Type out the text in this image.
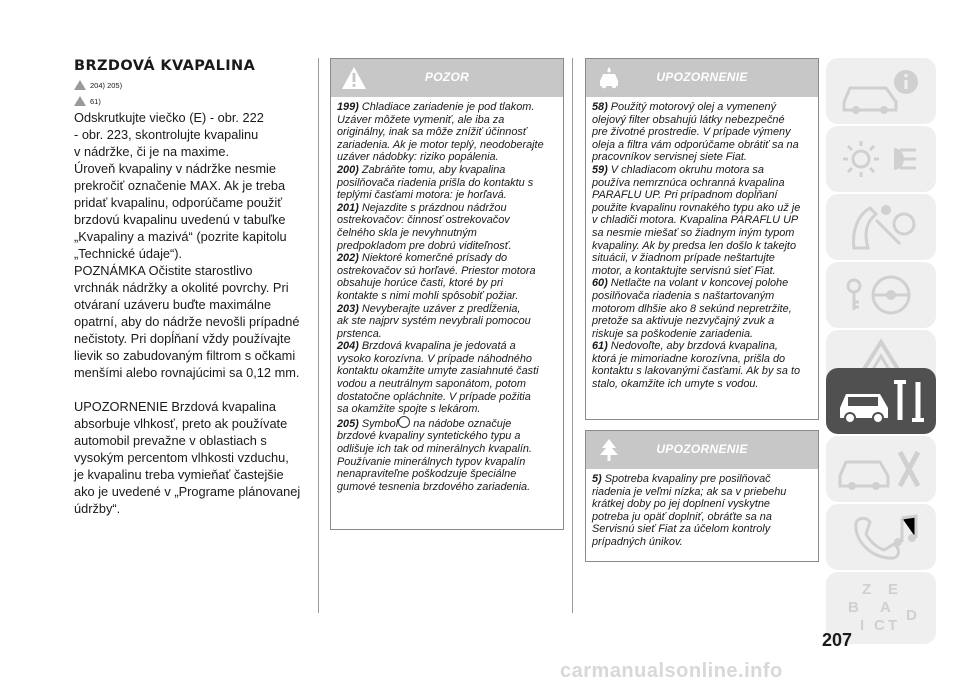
BRZDOVÁ KVAPALINA
204) 205)
61)

Odskrutkujte viečko (E) - obr. 222

- obr. 223, skontrolujte kvapalinu

v nádržke, či je na maxime.

Úroveň kvapaliny v nádržke nesmie

prekročiť označenie MAX. Ak je treba

pridať kvapalinu, odporúčame použiť

brzdovú kvapalinu uvedenú v tabuľke

„Kvapaliny a mazivá“ (pozrite kapitolu

„Technické údaje“).

POZNÁMKA Očistite starostlivo

vrchnák nádržky a okolité povrchy. Pri

otváraní uzáveru buďte maximálne

opatrní, aby do nádrže nevošli prípadné

nečistoty. Pri dopĺňaní vždy používajte

lievik so zabudovaným filtrom s očkami

menšími alebo rovnajúcimi sa 0,12 mm.

UPOZORNENIE Brzdová kvapalina

absorbuje vlhkosť, preto ak používate

automobil prevažne v oblastiach s

vysokým percentom vlhkosti vzduchu,

je kvapalinu treba vymieňať častejšie

ako je uvedené v „Programe plánovanej

údržby“.

POZOR

199) Chladiace zariadenie je pod tlakom.

Uzáver môžete vymeniť, ale iba za

originálny, inak sa môže znížiť účinnosť

zariadenia. Ak je motor teplý, neodoberajte

uzáver nádobky: riziko popálenia.

200) Zabráňte tomu, aby kvapalina

posilňovača riadenia prišla do kontaktu s

teplými časťami motora: je horľavá.

201) Nejazdite s prázdnou nádržou

ostrekovačov: činnosť ostrekovačov

čelného skla je nevyhnutným

predpokladom pre dobrú viditeľnosť.

202) Niektoré komerčné prísady do

ostrekovačov sú horľavé. Priestor motora

obsahuje horúce časti, ktoré by pri

kontakte s nimi mohli spôsobiť požiar.

203) Nevyberajte uzáver z predĺženia,

ak ste najprv systém nevybrali pomocou

prstenca.

204) Brzdová kvapalina je jedovatá a

vysoko korozívna. V prípade náhodného

kontaktu okamžite umyte zasiahnuté časti

vodou a neutrálnym saponátom, potom

dostatočne opláchnite. V prípade požitia

sa okamžite spojte s lekárom.

205) Symbol na nádobe označuje

brzdové kvapaliny syntetického typu a

odlišuje ich tak od minerálnych kvapalín.

Používanie minerálnych typov kvapalín

nenapraviteľne poškodzuje špeciálne

gumové tesnenia brzdového zariadenia.

UPOZORNENIE

58) Použitý motorový olej a vymenený

olejový filter obsahujú látky nebezpečné

pre životné prostredie. V prípade výmeny

oleja a filtra vám odporúčame obrátiť sa na

pracovníkov servisnej siete Fiat.

59) V chladiacom okruhu motora sa

používa nemrznúca ochranná kvapalina

PARAFLU UP. Pri prípadnom dopĺňaní

použite kvapalinu rovnakého typu ako už je

v chladiči motora. Kvapalina PARAFLU UP

sa nesmie miešať so žiadnym iným typom

kvapaliny. Ak by predsa len došlo k takejto

situácii, v žiadnom prípade neštartujte

motor, a kontaktujte servisnú sieť Fiat.

60) Netlačte na volant v koncovej polohe

posilňovača riadenia s naštartovaným

motorom dlhšie ako 8 sekúnd nepretržite,

pretože sa aktivuje nezvyčajný zvuk a

riskuje sa poškodenie zariadenia.

61) Nedovoľte, aby brzdová kvapalina,

ktorá je mimoriadne korozívna, prišla do

kontaktu s lakovanými časťami. Ak by sa to

stalo, okamžite ich umyte s vodou.

UPOZORNENIE

5) Spotreba kvapaliny pre posilňovač

riadenia je veľmi nízka; ak sa v priebehu

krátkej doby po jej doplnení vyskytne

potreba ju opäť doplniť, obráťte sa na

Servisnú sieť Fiat za účelom kontroly

prípadných únikov.

Z E
B A
I C T
D
207
carmanualsonline.info
